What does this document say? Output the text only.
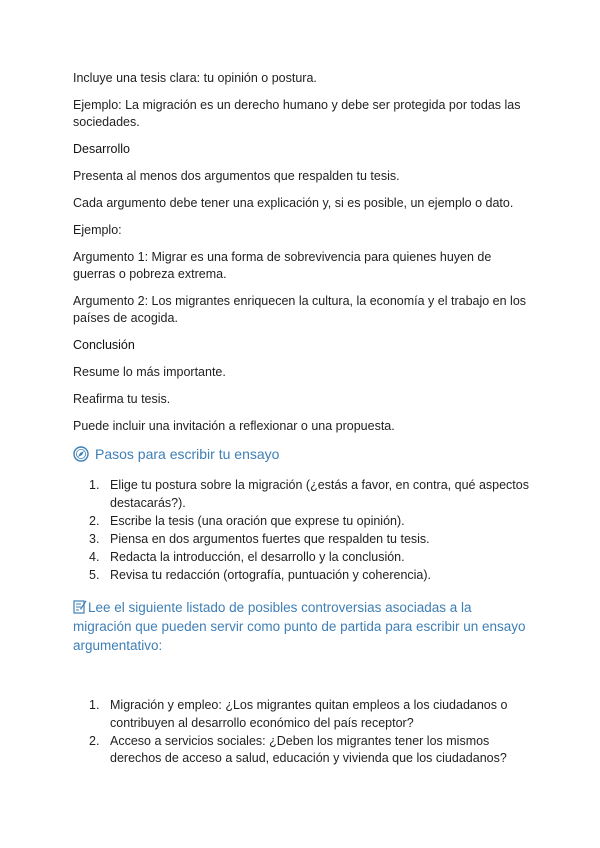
Incluye una tesis clara: tu opinión o postura.

Ejemplo: La migración es un derecho humano y debe ser protegida por todas las sociedades.

Desarrollo

Presenta al menos dos argumentos que respalden tu tesis.

Cada argumento debe tener una explicación y, si es posible, un ejemplo o dato.

Ejemplo:

Argumento 1: Migrar es una forma de sobrevivencia para quienes huyen de guerras o pobreza extrema.

Argumento 2: Los migrantes enriquecen la cultura, la economía y el trabajo en los países de acogida.

Conclusión

Resume lo más importante.

Reafirma tu tesis.

Puede incluir una invitación a reflexionar o una propuesta.

Pasos para escribir tu ensayo
1. Elige tu postura sobre la migración (¿estás a favor, en contra, qué aspectos destacarás?).
2. Escribe la tesis (una oración que exprese tu opinión).
3. Piensa en dos argumentos fuertes que respalden tu tesis.
4. Redacta la introducción, el desarrollo y la conclusión.
5. Revisa tu redacción (ortografía, puntuación y coherencia).

Lee el siguiente listado de posibles controversias asociadas a la migración que pueden servir como punto de partida para escribir un ensayo argumentativo:

1. Migración y empleo: ¿Los migrantes quitan empleos a los ciudadanos o contribuyen al desarrollo económico del país receptor?
2. Acceso a servicios sociales: ¿Deben los migrantes tener los mismos derechos de acceso a salud, educación y vivienda que los ciudadanos?
